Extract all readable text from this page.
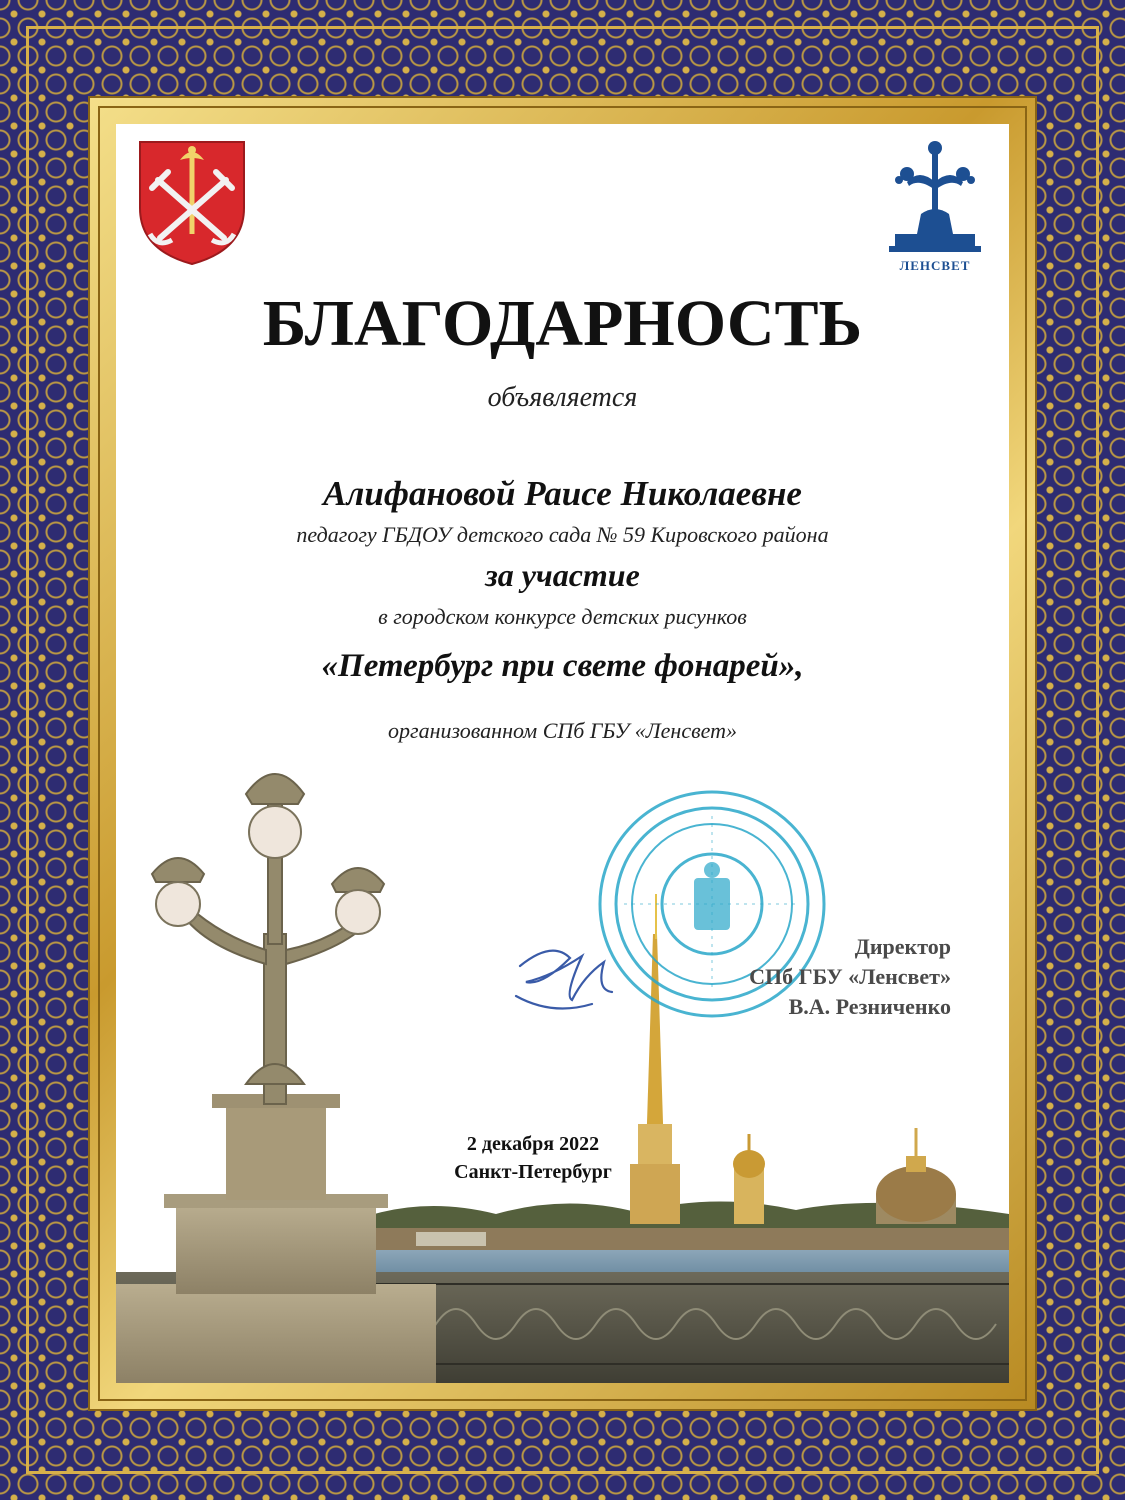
ЛЕНСВЕТ
БЛАГОДАРНОСТЬ
объявляется
Алифановой Раисе Николаевне
педагогу ГБДОУ детского сада № 59 Кировского района
за участие
в городском конкурсе детских рисунков
«Петербург при свете фонарей»,
организованном СПб ГБУ «Ленсвет»
Директор
СПб ГБУ «Ленсвет»
В.А. Резниченко
2 декабря 2022
Санкт-Петербург
